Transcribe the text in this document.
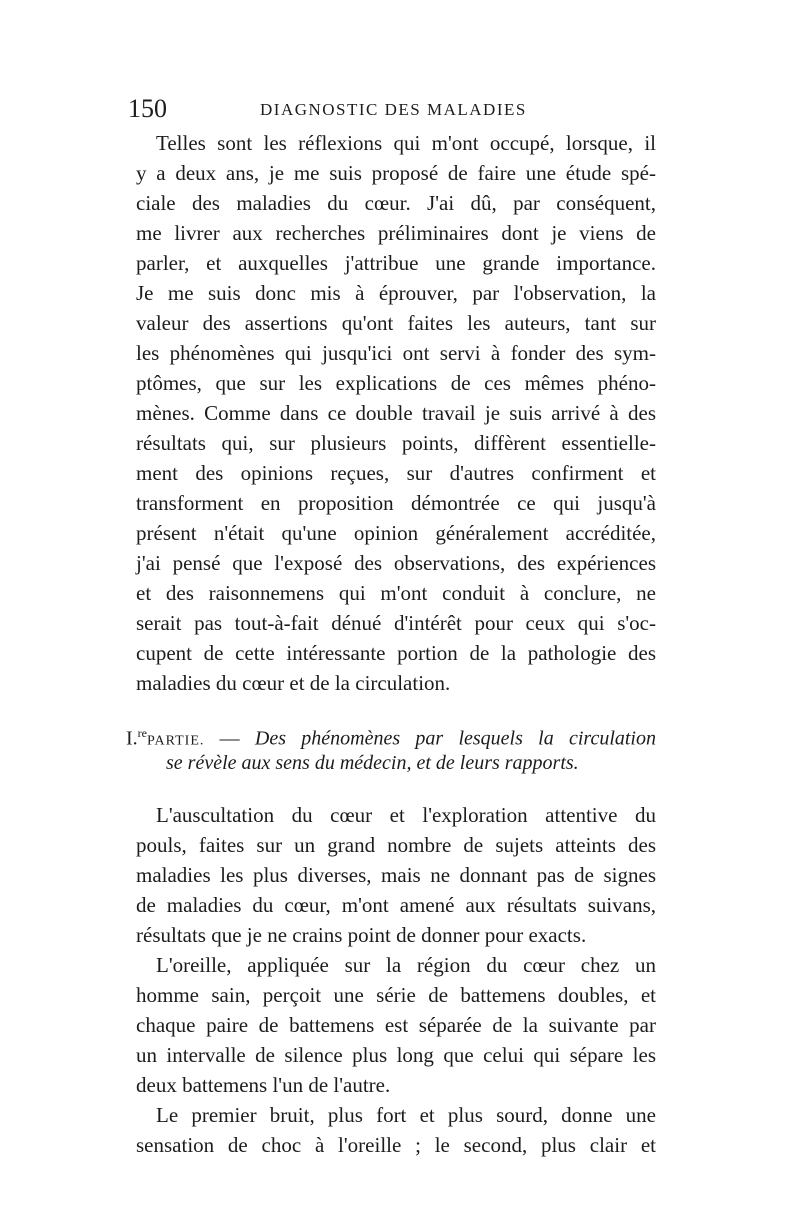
150	DIAGNOSTIC DES MALADIES
Telles sont les réflexions qui m'ont occupé, lorsque, il
y a deux ans, je me suis proposé de faire une étude spé-
ciale des maladies du cœur. J'ai dû, par conséquent,
me livrer aux recherches préliminaires dont je viens de
parler, et auxquelles j'attribue une grande importance.
Je me suis donc mis à éprouver, par l'observation, la
valeur des assertions qu'ont faites les auteurs, tant sur
les phénomènes qui jusqu'ici ont servi à fonder des sym-
ptômes, que sur les explications de ces mêmes phéno-
mènes. Comme dans ce double travail je suis arrivé à des
résultats qui, sur plusieurs points, diffèrent essentielle-
ment des opinions reçues, sur d'autres confirment et
transforment en proposition démontrée ce qui jusqu'à
présent n'était qu'une opinion généralement accréditée,
j'ai pensé que l'exposé des observations, des expériences
et des raisonnemens qui m'ont conduit à conclure, ne
serait pas tout-à-fait dénué d'intérêt pour ceux qui s'oc-
cupent de cette intéressante portion de la pathologie des
maladies du cœur et de la circulation.
I.$^{re}$PARTIE. — Des phénomènes par lesquels la circulation
se révèle aux sens du médecin, et de leurs rapports.
L'auscultation du cœur et l'exploration attentive du
pouls, faites sur un grand nombre de sujets atteints des
maladies les plus diverses, mais ne donnant pas de signes
de maladies du cœur, m'ont amené aux résultats suivans,
résultats que je ne crains point de donner pour exacts.
L'oreille, appliquée sur la région du cœur chez un
homme sain, perçoit une série de battemens doubles, et
chaque paire de battemens est séparée de la suivante par
un intervalle de silence plus long que celui qui sépare les
deux battemens l'un de l'autre.
Le premier bruit, plus fort et plus sourd, donne une
sensation de choc à l'oreille ; le second, plus clair et
